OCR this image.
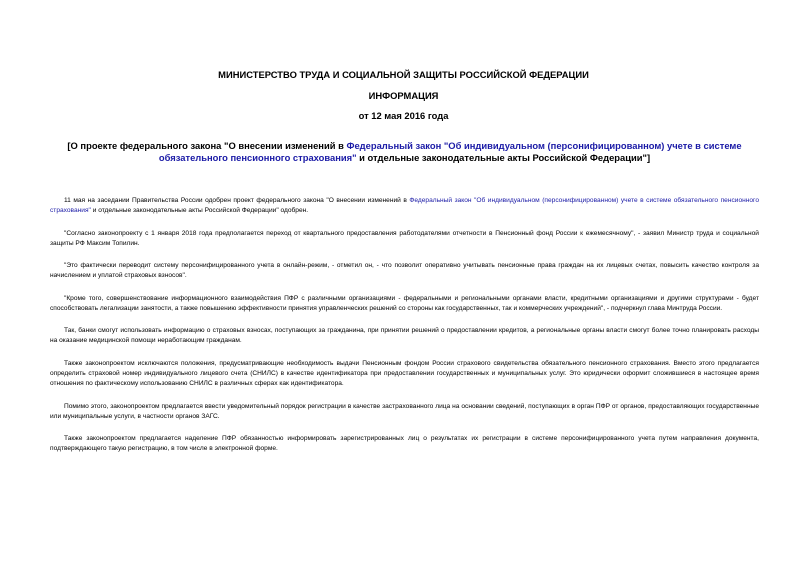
МИНИСТЕРСТВО ТРУДА И СОЦИАЛЬНОЙ ЗАЩИТЫ РОССИЙСКОЙ ФЕДЕРАЦИИ
ИНФОРМАЦИЯ
от 12 мая 2016 года
[О проекте федерального закона "О внесении изменений в Федеральный закон "Об индивидуальном (персонифицированном) учете в системе обязательного пенсионного страхования" и отдельные законодательные акты Российской Федерации"]

11 мая на заседании Правительства России одобрен проект федерального закона "О внесении изменений в Федеральный закон "Об индивидуальном (персонифицированном) учете в системе обязательного пенсионного страхования" и отдельные законодательные акты Российской Федерации" одобрен.

"Согласно законопроекту с 1 января 2018 года предполагается переход от квартального предоставления работодателями отчетности в Пенсионный фонд России к ежемесячному", - заявил Министр труда и социальной защиты РФ Максим Топилин.

"Это фактически переводит систему персонифицированного учета в онлайн-режим, - отметил он, - что позволит оперативно учитывать пенсионные права граждан на их лицевых счетах, повысить качество контроля за начислением и уплатой страховых взносов".

"Кроме того, совершенствование информационного взаимодействия ПФР с различными организациями - федеральными и региональными органами власти, кредитными организациями и другими структурами - будет способствовать легализации занятости, а также повышению эффективности принятия управленческих решений со стороны как государственных, так и коммерческих учреждений", - подчеркнул глава Минтруда России.

Так, банки смогут использовать информацию о страховых взносах, поступающих за гражданина, при принятии решений о предоставлении кредитов, а региональные органы власти смогут более точно планировать расходы на оказание медицинской помощи неработающим гражданам.

Также законопроектом исключаются положения, предусматривающие необходимость выдачи Пенсионным фондом России страхового свидетельства обязательного пенсионного страхования. Вместо этого предлагается определить страховой номер индивидуального лицевого счета (СНИЛС) в качестве идентификатора при предоставлении государственных и муниципальных услуг. Это юридически оформит сложившиеся в настоящее время отношения по фактическому использованию СНИЛС в различных сферах как идентификатора.

Помимо этого, законопроектом предлагается ввести уведомительный порядок регистрации в качестве застрахованного лица на основании сведений, поступающих в орган ПФР от органов, предоставляющих государственные или муниципальные услуги, в частности органов ЗАГС.

Также законопроектом предлагается наделение ПФР обязанностью информировать зарегистрированных лиц о результатах их регистрации в системе персонифицированного учета путем направления документа, подтверждающего такую регистрацию, в том числе в электронной форме.
